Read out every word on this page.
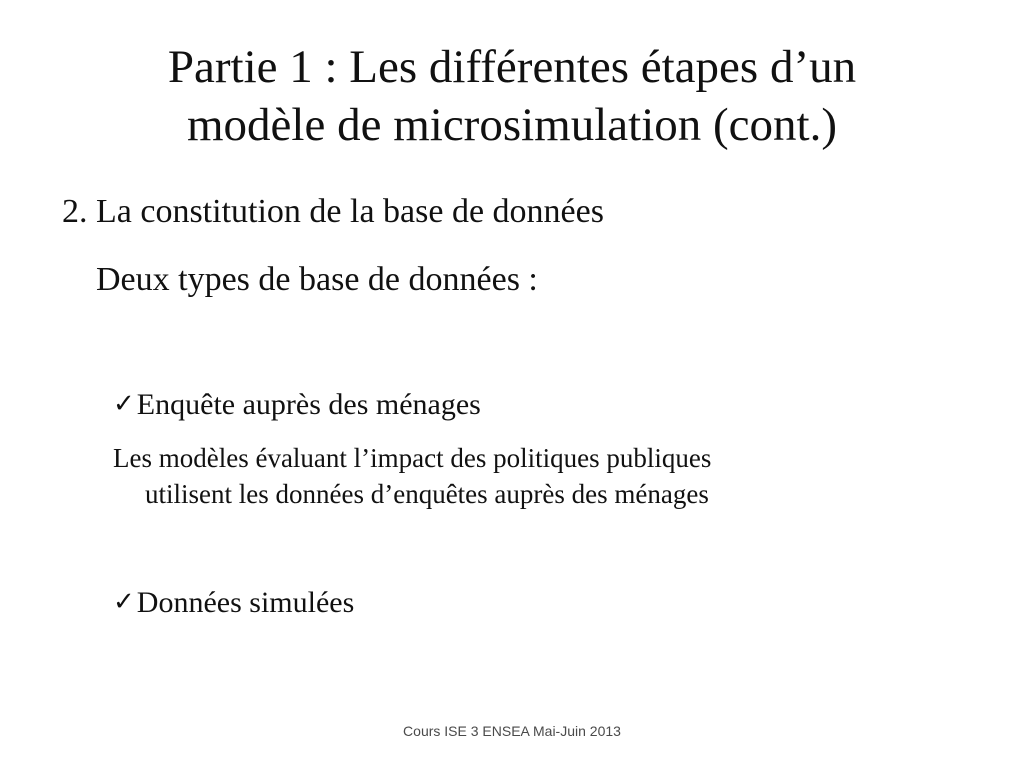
Partie 1 : Les différentes étapes d’un
modèle de microsimulation (cont.)

2. La constitution de la base de données

Deux types de base de données :

✓Enquête auprès des ménages

Les modèles évaluant l’impact des politiques publiques
utilisent les données d’enquêtes auprès des ménages

✓Données simulées

Cours ISE 3 ENSEA Mai-Juin 2013
